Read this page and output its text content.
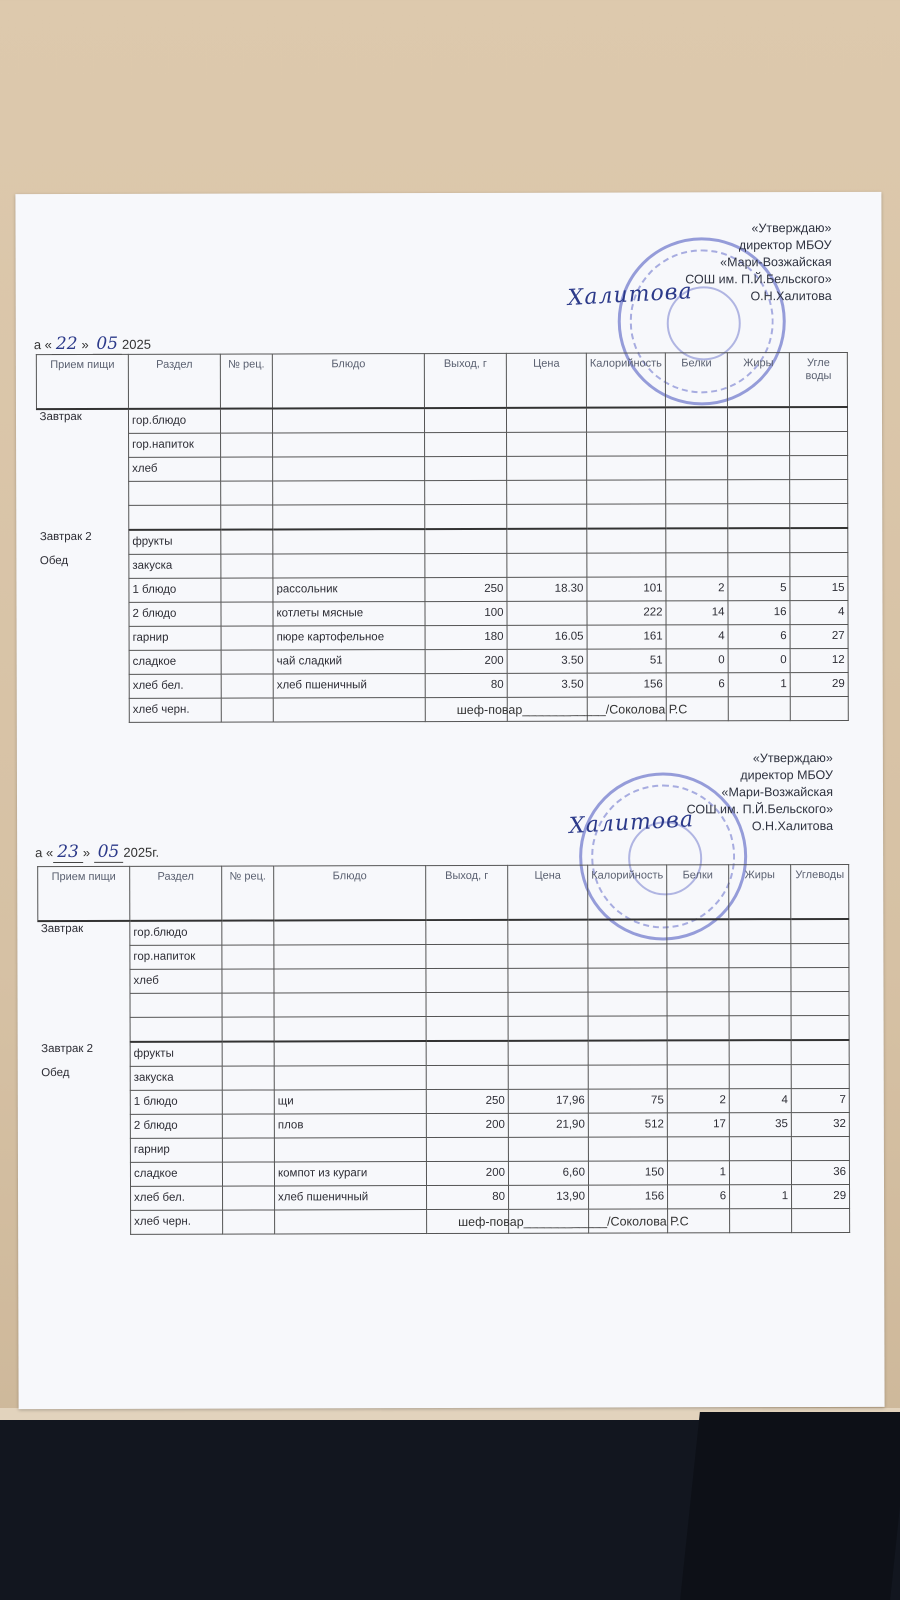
«Утверждаю»
директор МБОУ
«Мари-Возжайская
СОШ им. П.Й.Бельского»
О.Н.Халитова
Халитова
а « 22 » 05 2025
Прием пищи	Раздел	№ рец.	Блюдо	Выход, г	Цена	Калорийность	Белки	Жиры	Угле воды
Завтрак	гор.блюдо								
	гор.напиток								
	хлеб								

Завтрак 2	фрукты								
Обед	закуска								
	1 блюдо		рассольник	250	18.30	101	2	5	15
	2 блюдо		котлеты мясные	100		222	14	16	4
	гарнир		пюре картофельное	180	16.05	161	4	6	27
	сладкое		чай сладкий	200	3.50	51	0	0	12
	хлеб бел.		хлеб пшеничный	80	3.50	156	6	1	29
	хлеб черн.									шеф-повар____________/Соколова Р.С
«Утверждаю»
директор МБОУ
«Мари-Возжайская
СОШ им. П.Й.Бельского»
О.Н.Халитова
Халитова
а « 23 » 05 2025г.
Прием пищи	Раздел	№ рец.	Блюдо	Выход, г	Цена	Калорийность	Белки	Жиры	Углеводы
Завтрак	гор.блюдо								
	гор.напиток								
	хлеб								

Завтрак 2	фрукты								
Обед	закуска								
	1 блюдо		щи	250	17,96	75	2	4	7
	2 блюдо		плов	200	21,90	512	17	35	32
	гарнир								
	сладкое		компот из кураги	200	6,60	150	1		36
	хлеб бел.		хлеб пшеничный	80	13,90	156	6	1	29
	хлеб черн.									шеф-повар____________/Соколова Р.С
